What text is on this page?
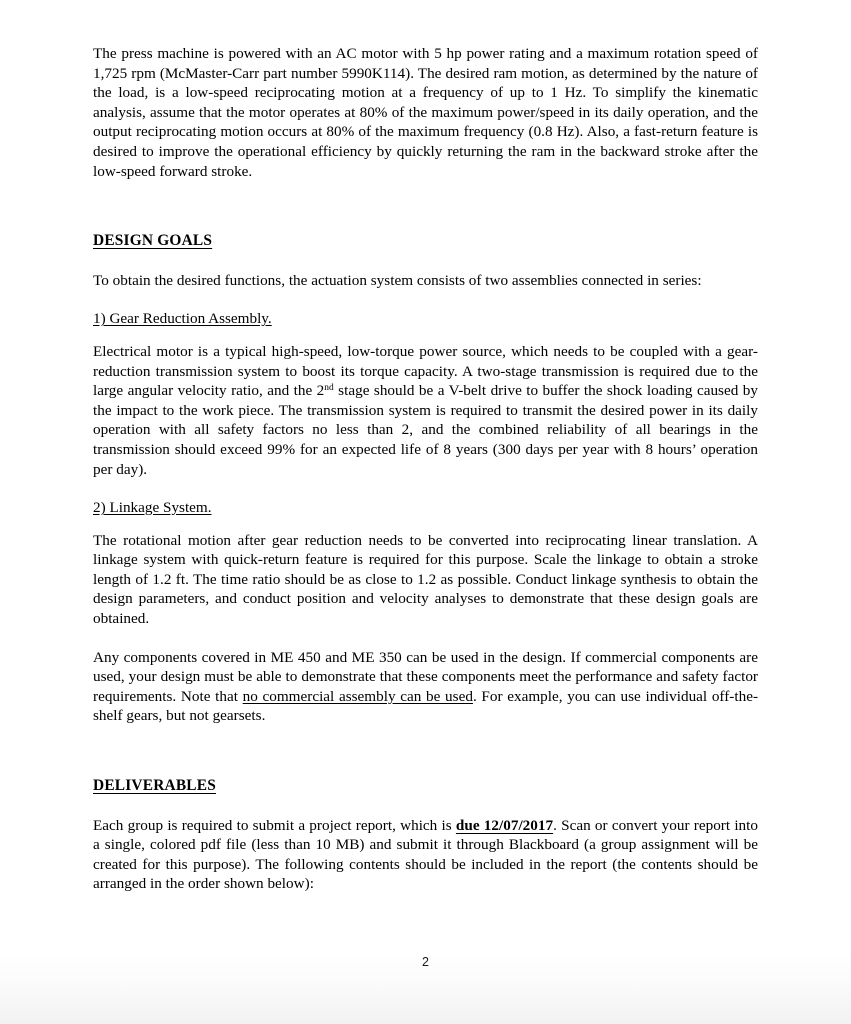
The press machine is powered with an AC motor with 5 hp power rating and a maximum rotation speed of 1,725 rpm (McMaster-Carr part number 5990K114). The desired ram motion, as determined by the nature of the load, is a low-speed reciprocating motion at a frequency of up to 1 Hz. To simplify the kinematic analysis, assume that the motor operates at 80% of the maximum power/speed in its daily operation, and the output reciprocating motion occurs at 80% of the maximum frequency (0.8 Hz). Also, a fast-return feature is desired to improve the operational efficiency by quickly returning the ram in the backward stroke after the low-speed forward stroke.

DESIGN GOALS

To obtain the desired functions, the actuation system consists of two assemblies connected in series:

1) Gear Reduction Assembly.

Electrical motor is a typical high-speed, low-torque power source, which needs to be coupled with a gear-reduction transmission system to boost its torque capacity. A two-stage transmission is required due to the large angular velocity ratio, and the 2nd stage should be a V-belt drive to buffer the shock loading caused by the impact to the work piece. The transmission system is required to transmit the desired power in its daily operation with all safety factors no less than 2, and the combined reliability of all bearings in the transmission should exceed 99% for an expected life of 8 years (300 days per year with 8 hours’ operation per day).

2) Linkage System.

The rotational motion after gear reduction needs to be converted into reciprocating linear translation. A linkage system with quick-return feature is required for this purpose. Scale the linkage to obtain a stroke length of 1.2 ft. The time ratio should be as close to 1.2 as possible. Conduct linkage synthesis to obtain the design parameters, and conduct position and velocity analyses to demonstrate that these design goals are obtained.

Any components covered in ME 450 and ME 350 can be used in the design. If commercial components are used, your design must be able to demonstrate that these components meet the performance and safety factor requirements. Note that no commercial assembly can be used. For example, you can use individual off-the-shelf gears, but not gearsets.

DELIVERABLES

Each group is required to submit a project report, which is due 12/07/2017. Scan or convert your report into a single, colored pdf file (less than 10 MB) and submit it through Blackboard (a group assignment will be created for this purpose). The following contents should be included in the report (the contents should be arranged in the order shown below):

2
